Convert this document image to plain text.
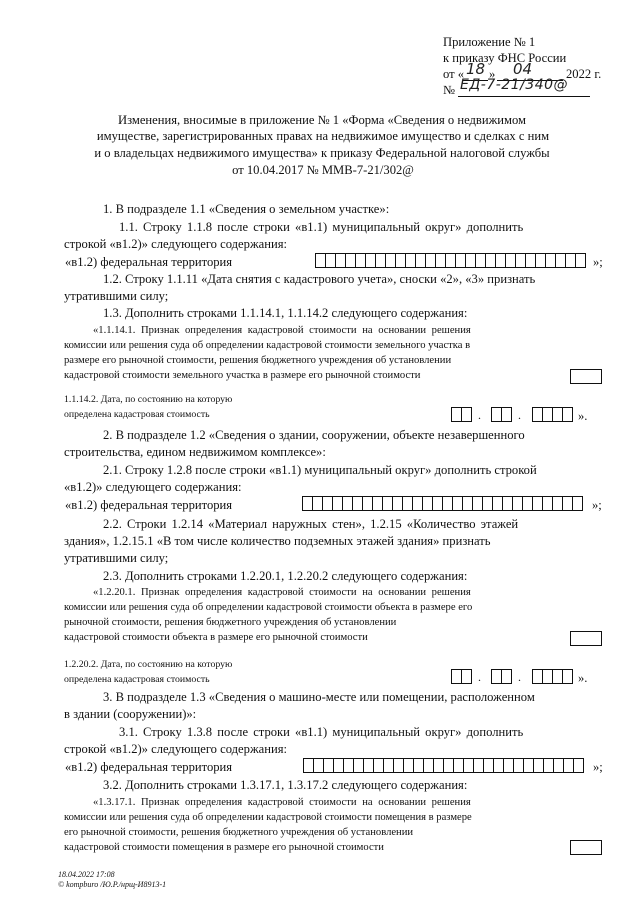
Приложение № 1
к приказу ФНС России
от « 18 » 04	2022 г.
№ ЕД-7-21/340@
Изменения, вносимые в приложение № 1 «Форма «Сведения о недвижимом
имуществе, зарегистрированных правах на недвижимое имущество и сделках с ним
и о владельцах недвижимого имущества» к приказу Федеральной налоговой службы
от 10.04.2017 № ММВ-7-21/302@
1. В подразделе 1.1 «Сведения о земельном участке»:
1.1. Строку 1.1.8 после строки «в1.1) муниципальный округ» дополнить
строкой «в1.2)» следующего содержания:
«в1.2) федеральная территория	»;
1.2. Строку 1.1.11 «Дата снятия с кадастрового учета», сноски «2», «3» признать
утратившими силу;
1.3. Дополнить строками 1.1.14.1, 1.1.14.2 следующего содержания:
«1.1.14.1. Признак определения кадастровой стоимости на основании решения
комиссии или решения суда об определении кадастровой стоимости земельного участка в
размере его рыночной стоимости, решения бюджетного учреждения об установлении
кадастровой стоимости земельного участка в размере его рыночной стоимости
1.1.14.2. Дата, по состоянию на которую
определена кадастровая стоимость	.	.	».
2. В подразделе 1.2 «Сведения о здании, сооружении, объекте незавершенного
строительства, едином недвижимом комплексе»:
2.1. Строку 1.2.8 после строки «в1.1) муниципальный округ» дополнить строкой
«в1.2)» следующего содержания:
«в1.2) федеральная территория	»;
2.2. Строки 1.2.14 «Материал наружных стен», 1.2.15 «Количество этажей
здания», 1.2.15.1 «В том числе количество подземных этажей здания» признать
утратившими силу;
2.3. Дополнить строками 1.2.20.1, 1.2.20.2 следующего содержания:
«1.2.20.1. Признак определения кадастровой стоимости на основании решения
комиссии или решения суда об определении кадастровой стоимости объекта в размере его
рыночной стоимости, решения бюджетного учреждения об установлении
кадастровой стоимости объекта в размере его рыночной стоимости
1.2.20.2. Дата, по состоянию на которую
определена кадастровая стоимость	.	.	».
3. В подразделе 1.3 «Сведения о машино-месте или помещении, расположенном
в здании (сооружении)»:
3.1. Строку 1.3.8 после строки «в1.1) муниципальный округ» дополнить
строкой «в1.2)» следующего содержания:
«в1.2) федеральная территория	»;
3.2. Дополнить строками 1.3.17.1, 1.3.17.2 следующего содержания:
«1.3.17.1. Признак определения кадастровой стоимости на основании решения
комиссии или решения суда об определении кадастровой стоимости помещения в размере
его рыночной стоимости, решения бюджетного учреждения об установлении
кадастровой стоимости помещения в размере его рыночной стоимости
18.04.2022 17:08
© kompburo /Ю.Р./нрщ-И8913-1
